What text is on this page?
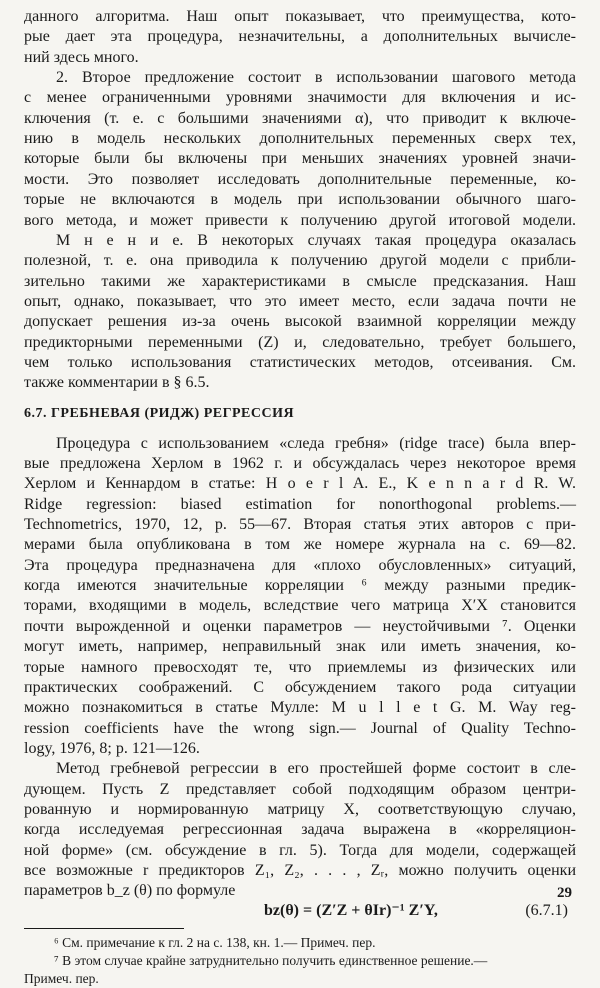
данного алгоритма. Наш опыт показывает, что преимущества, кото-
рые дает эта процедура, незначительны, а дополнительных вычисле-
ний здесь много.
2. Второе предложение состоит в использовании шагового метода
с менее ограниченными уровнями значимости для включения и ис-
ключения (т. е. с большими значениями α), что приводит к включе-
нию в модель нескольких дополнительных переменных сверх тех,
которые были бы включены при меньших значениях уровней значи-
мости. Это позволяет исследовать дополнительные переменные, ко-
торые не включаются в модель при использовании обычного шаго-
вого метода, и может привести к получению другой итоговой модели.
М н е н и е. В некоторых случаях такая процедура оказалась
полезной, т. е. она приводила к получению другой модели с прибли-
зительно такими же характеристиками в смысле предсказания. Наш
опыт, однако, показывает, что это имеет место, если задача почти не
допускает решения из-за очень высокой взаимной корреляции между
предикторными переменными (Z) и, следовательно, требует большего,
чем только использования статистических методов, отсеивания. См.
также комментарии в § 6.5.
6.7. ГРЕБНЕВАЯ (РИДЖ) РЕГРЕССИЯ
Процедура с использованием «следа гребня» (ridge trace) была впер-
вые предложена Херлом в 1962 г. и обсуждалась через некоторое время
Херлом и Кеннардом в статье: H o e r l A. E., K e n n a r d R. W.
Ridge regression: biased estimation for nonorthogonal problems.—
Technometrics, 1970, 12, p. 55—67. Вторая статья этих авторов с при-
мерами была опубликована в том же номере журнала на с. 69—82.
Эта процедура предназначена для «плохо обусловленных» ситуаций,
когда имеются значительные корреляции ⁶ между разными предик-
торами, входящими в модель, вследствие чего матрица X′X становится
почти вырожденной и оценки параметров — неустойчивыми ⁷. Оценки
могут иметь, например, неправильный знак или иметь значения, ко-
торые намного превосходят те, что приемлемы из физических или
практических соображений. С обсуждением такого рода ситуации
можно познакомиться в статье Мулле: M u l l e t G. M. Way reg-
ression coefficients have the wrong sign.— Journal of Quality Techno-
logy, 1976, 8; p. 121—126.
Метод гребневой регрессии в его простейшей форме состоит в сле-
дующем. Пусть Z представляет собой подходящим образом центри-
рованную и нормированную матрицу X, соответствующую случаю,
когда исследуемая регрессионная задача выражена в «корреляцион-
ной форме» (см. обсуждение в гл. 5). Тогда для модели, содержащей
все возможные r предикторов Z₁, Z₂, . . . , Zᵣ, можно получить оценки
параметров b_z (θ) по формуле
bz(θ) = (Z′Z + θIr)⁻¹ Z′Y,	(6.7.1)
⁶ См. примечание к гл. 2 на с. 138, кн. 1.— Примеч. пер.
⁷ В этом случае крайне затруднительно получить единственное решение.—
Примеч. пер.
29
